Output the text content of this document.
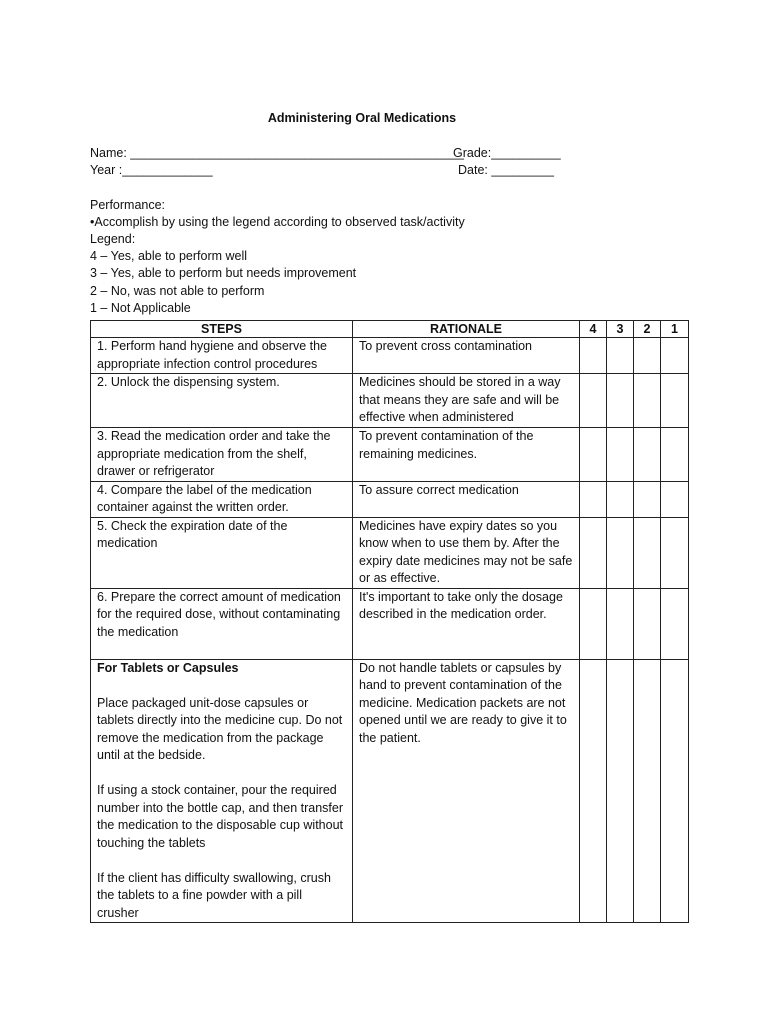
Administering Oral Medications
Name: ________________________________________________
Grade:__________
Year :_____________	Date: _________
Performance:
•Accomplish by using the legend according to observed task/activity
Legend:
4 – Yes, able to perform well
3 – Yes, able to perform but needs improvement
2 – No, was not able to perform
1 – Not Applicable
STEPS	RATIONALE	4	3	2	1
1. Perform hand hygiene and observe the appropriate infection control procedures	To prevent cross contamination				
2. Unlock the dispensing system.	Medicines should be stored in a way that means they are safe and will be effective when administered				
3. Read the medication order and take the appropriate medication from the shelf, drawer or refrigerator	To prevent contamination of the remaining medicines.				
4. Compare the label of the medication container against the written order.	To assure correct medication				
5. Check the expiration date of the medication	Medicines have expiry dates so you know when to use them by. After the expiry date medicines may not be safe or as effective.				
6. Prepare the correct amount of medication for the required dose, without contaminating the medication	It's important to take only the dosage described in the medication order.				

For Tablets or Capsules
Place packaged unit-dose capsules or tablets directly into the medicine cup. Do not remove the medication from the package until at the bedside.
If using a stock container, pour the required number into the bottle cap, and then transfer the medication to the disposable cup without touching the tablets
If the client has difficulty swallowing, crush the tablets to a fine powder with a pill crusher	Do not handle tablets or capsules by hand to prevent contamination of the medicine. Medication packets are not opened until we are ready to give it to the patient.				
